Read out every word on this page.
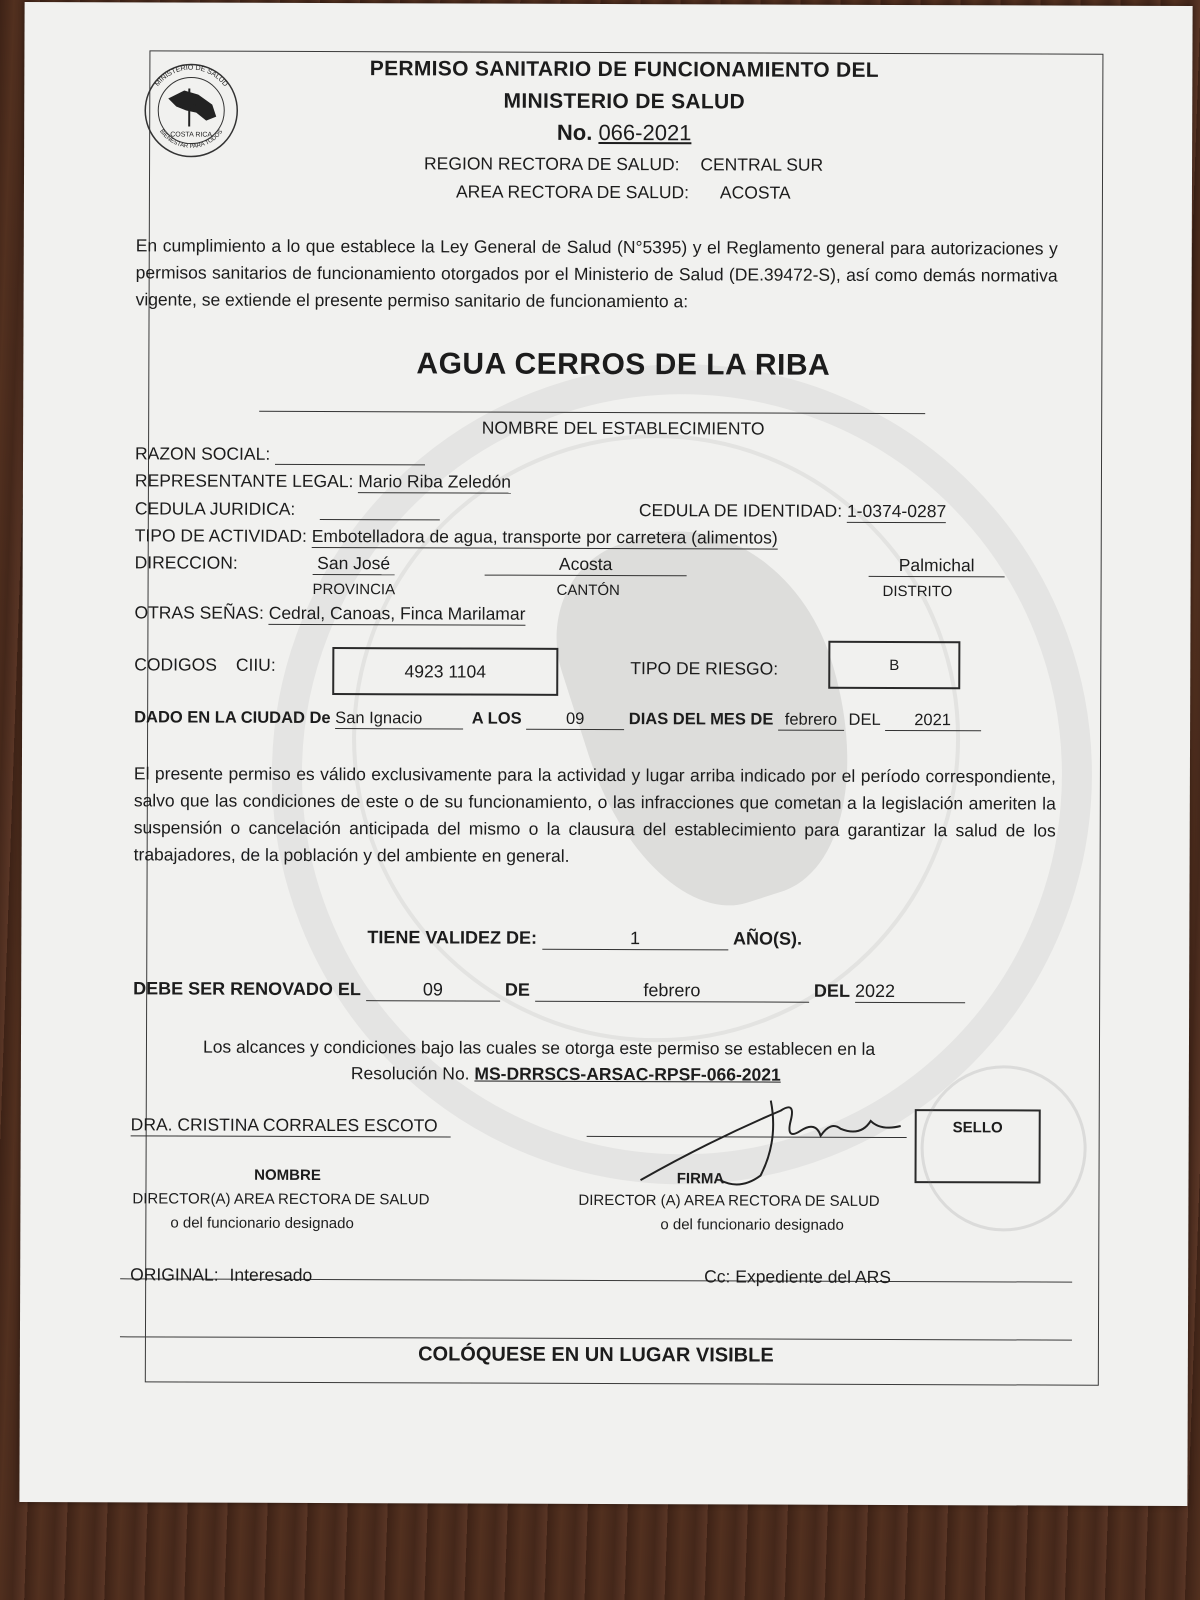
MINISTERIO DE SALUD
BIENESTAR PARA TODOS
COSTA RICA
PERMISO SANITARIO DE FUNCIONAMIENTO DEL
MINISTERIO DE SALUD
No. 066-2021
REGION RECTORA DE SALUD: CENTRAL SUR
AREA RECTORA DE SALUD: ACOSTA
En cumplimiento a lo que establece la Ley General de Salud (N°5395) y el Reglamento general para autorizaciones y permisos sanitarios de funcionamiento otorgados por el Ministerio de Salud (DE.39472-S), así como demás normativa vigente, se extiende el presente permiso sanitario de funcionamiento a:
AGUA CERROS DE LA RIBA
NOMBRE DEL ESTABLECIMIENTO
RAZON SOCIAL:
REPRESENTANTE LEGAL: Mario Riba Zeledón
CEDULA JURIDICA:	CEDULA DE IDENTIDAD: 1-0374-0287
TIPO DE ACTIVIDAD: Embotelladora de agua, transporte por carretera (alimentos)
DIRECCION:	San José
PROVINCIA
Acosta
CANTÓN
Palmichal
DISTRITO
OTRAS SEÑAS: Cedral, Canoas, Finca Marilamar
CODIGOS CIIU:	4923 1104	TIPO DE RIESGO:	B
DADO EN LA CIUDAD De San Ignacio	A LOS	09	DIAS DEL MES DE febrero DEL 2021
El presente permiso es válido exclusivamente para la actividad y lugar arriba indicado por el período correspondiente, salvo que las condiciones de este o de su funcionamiento, o las infracciones que cometan a la legislación ameriten la suspensión o cancelación anticipada del mismo o la clausura del establecimiento para garantizar la salud de los trabajadores, de la población y del ambiente en general.
TIENE VALIDEZ DE:	1	AÑO(S).
DEBE SER RENOVADO EL	09	DE	febrero	DEL 2022
Los alcances y condiciones bajo las cuales se otorga este permiso se establecen en la
Resolución No. MS-DRRSCS-ARSAC-RPSF-066-2021
DRA. CRISTINA CORRALES ESCOTO
NOMBRE
DIRECTOR(A) AREA RECTORA DE SALUD
o del funcionario designado
FIRMA
DIRECTOR (A) AREA RECTORA DE SALUD
o del funcionario designado
SELLO
ORIGINAL: Interesado	Cc: Expediente del ARS
COLÓQUESE EN UN LUGAR VISIBLE
